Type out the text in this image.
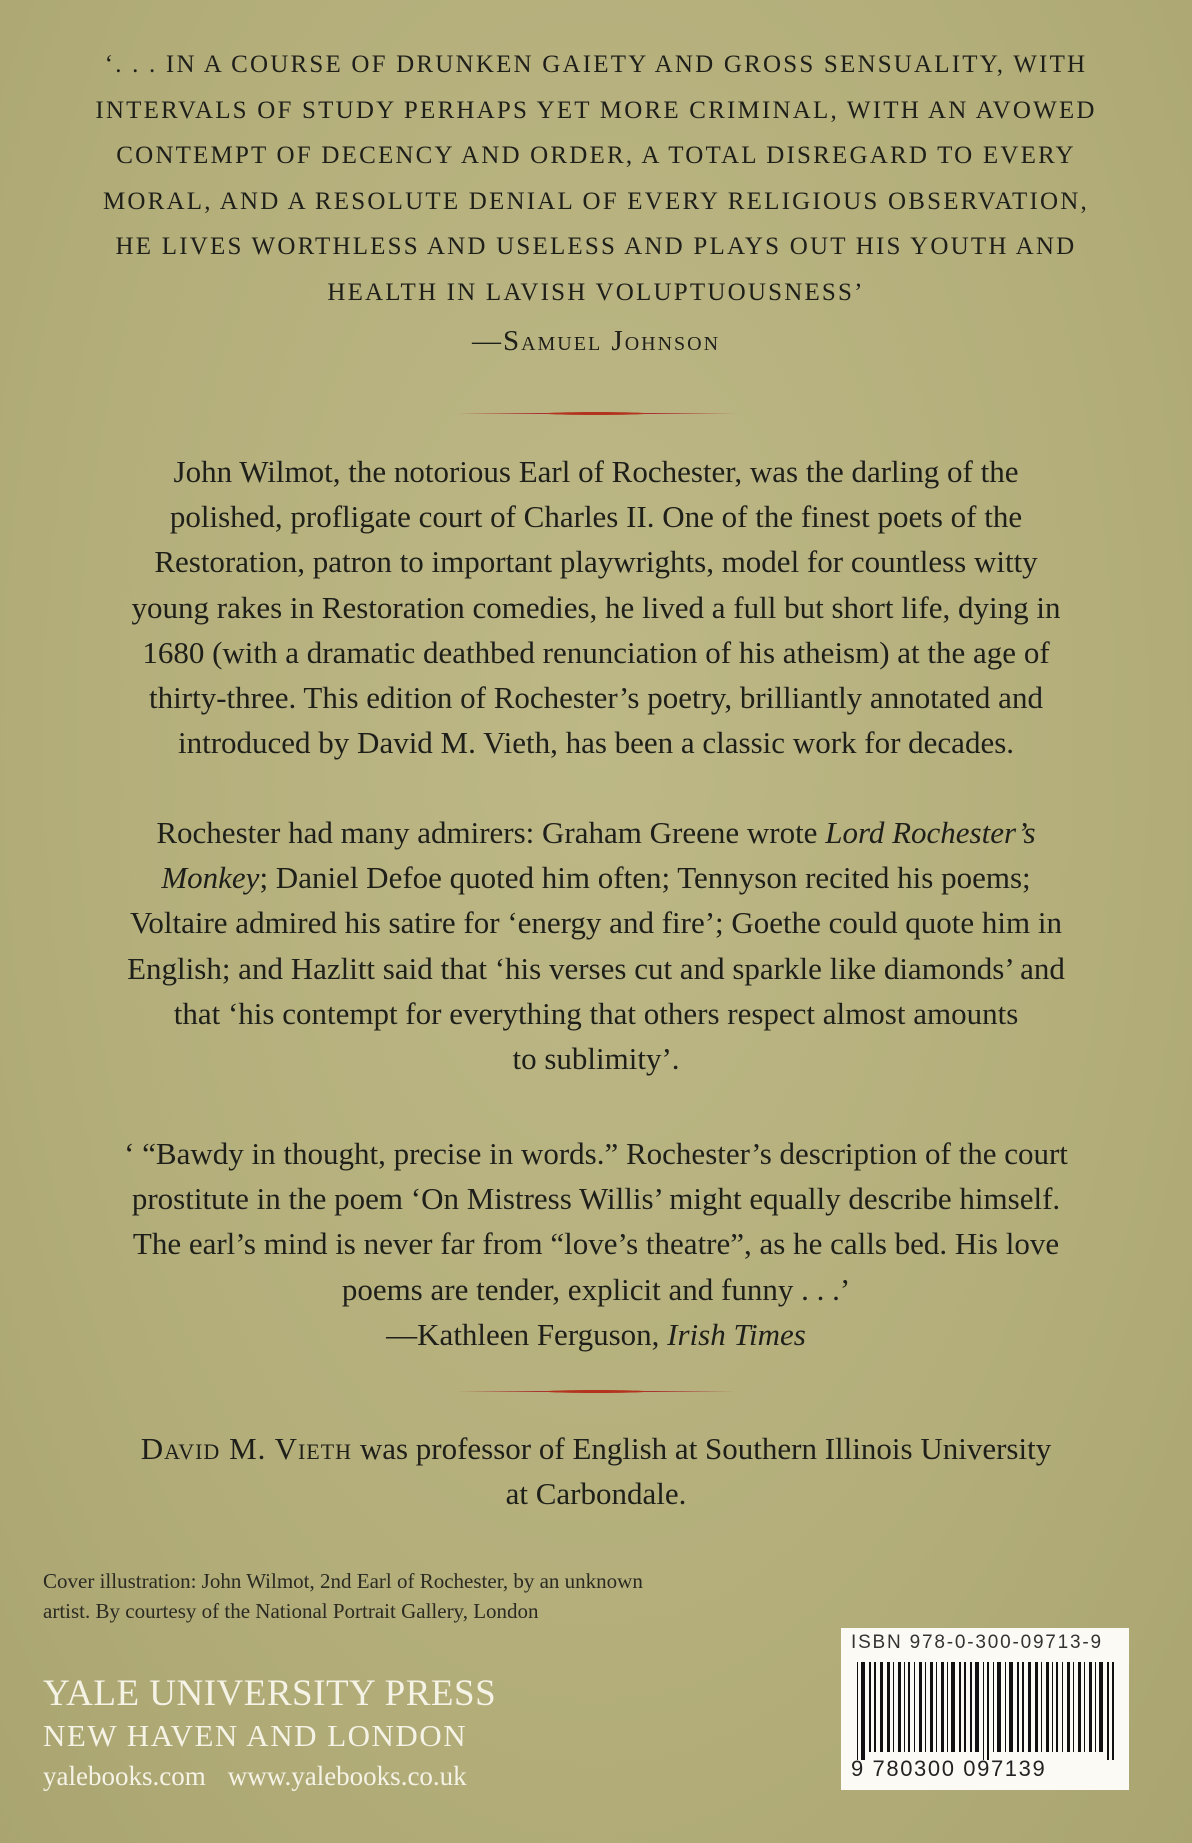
‘. . . IN A COURSE OF DRUNKEN GAIETY AND GROSS SENSUALITY, WITH

INTERVALS OF STUDY PERHAPS YET MORE CRIMINAL, WITH AN AVOWED

CONTEMPT OF DECENCY AND ORDER, A TOTAL DISREGARD TO EVERY

MORAL, AND A RESOLUTE DENIAL OF EVERY RELIGIOUS OBSERVATION,

HE LIVES WORTHLESS AND USELESS AND PLAYS OUT HIS YOUTH AND

HEALTH IN LAVISH VOLUPTUOUSNESS’

—Samuel Johnson

John Wilmot, the notorious Earl of Rochester, was the darling of the

polished, profligate court of Charles II. One of the finest poets of the

Restoration, patron to important playwrights, model for countless witty

young rakes in Restoration comedies, he lived a full but short life, dying in

1680 (with a dramatic deathbed renunciation of his atheism) at the age of

thirty-three. This edition of Rochester’s poetry, brilliantly annotated and

introduced by David M. Vieth, has been a classic work for decades.

Rochester had many admirers: Graham Greene wrote Lord Rochester’s

Monkey; Daniel Defoe quoted him often; Tennyson recited his poems;

Voltaire admired his satire for ‘energy and fire’; Goethe could quote him in

English; and Hazlitt said that ‘his verses cut and sparkle like diamonds’ and

that ‘his contempt for everything that others respect almost amounts

to sublimity’.

‘ “Bawdy in thought, precise in words.” Rochester’s description of the court

prostitute in the poem ‘On Mistress Willis’ might equally describe himself.

The earl’s mind is never far from “love’s theatre”, as he calls bed. His love

poems are tender, explicit and funny . . .’

—Kathleen Ferguson, Irish Times

David M. Vieth was professor of English at Southern Illinois University

at Carbondale.

Cover illustration: John Wilmot, 2nd Earl of Rochester, by an unknown
artist. By courtesy of the National Portrait Gallery, London
YALE UNIVERSITY PRESS
NEW HAVEN AND LONDON
yalebooks.com www.yalebooks.co.uk
ISBN 978-0-300-09713-9
9 780300 097139
